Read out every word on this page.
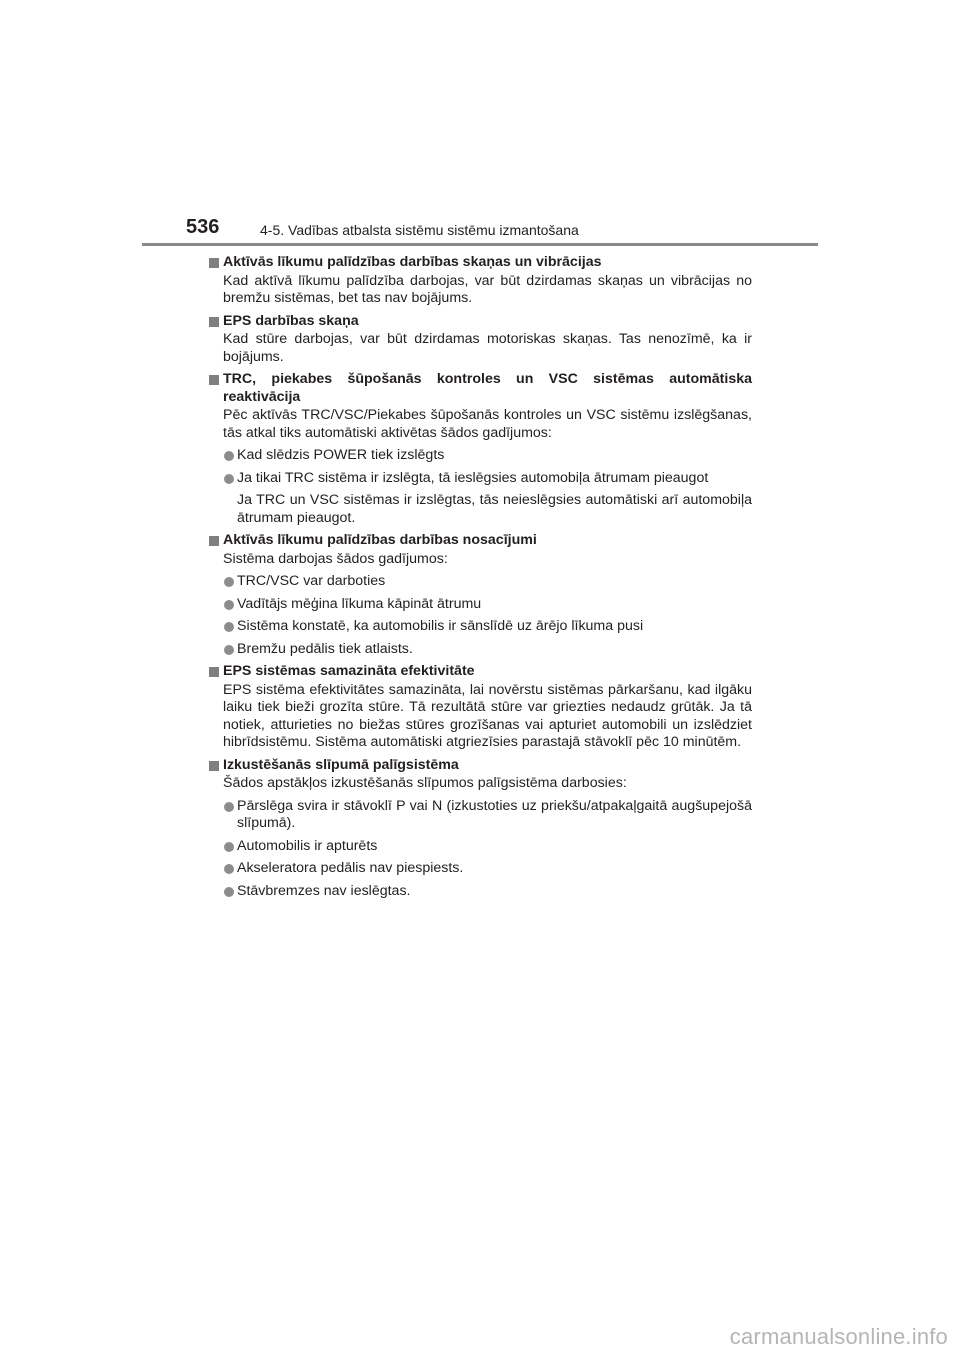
536	4-5. Vadības atbalsta sistēmu sistēmu izmantošana
Aktīvās līkumu palīdzības darbības skaņas un vibrācijas
Kad aktīvā līkumu palīdzība darbojas, var būt dzirdamas skaņas un vibrācijas no bremžu sistēmas, bet tas nav bojājums.
EPS darbības skaņa
Kad stūre darbojas, var būt dzirdamas motoriskas skaņas. Tas nenozīmē, ka ir bojājums.
TRC, piekabes šūpošanās kontroles un VSC sistēmas automātiska reaktivācija
Pēc aktīvās TRC/VSC/Piekabes šūpošanās kontroles un VSC sistēmu izslēgšanas, tās atkal tiks automātiski aktivētas šādos gadījumos:
Kad slēdzis POWER tiek izslēgts
Ja tikai TRC sistēma ir izslēgta, tā ieslēgsies automobiļa ātrumam pieaugot
Ja TRC un VSC sistēmas ir izslēgtas, tās neieslēgsies automātiski arī automobiļa ātrumam pieaugot.
Aktīvās līkumu palīdzības darbības nosacījumi
Sistēma darbojas šādos gadījumos:
TRC/VSC var darboties
Vadītājs mēģina līkuma kāpināt ātrumu
Sistēma konstatē, ka automobilis ir sānslīdē uz ārējo līkuma pusi
Bremžu pedālis tiek atlaists.
EPS sistēmas samazināta efektivitāte
EPS sistēma efektivitātes samazināta, lai novērstu sistēmas pārkaršanu, kad ilgāku laiku tiek bieži grozīta stūre. Tā rezultātā stūre var griezties nedaudz grūtāk. Ja tā notiek, atturieties no biežas stūres grozīšanas vai apturiet automobili un izslēdziet hibrīdsistēmu. Sistēma automātiski atgriezīsies parastajā stāvoklī pēc 10 minūtēm.
Izkustēšanās slīpumā palīgsistēma
Šādos apstākļos izkustēšanās slīpumos palīgsistēma darbosies:
Pārslēga svira ir stāvoklī P vai N (izkustoties uz priekšu/atpakaļgaitā augšupejošā slīpumā).
Automobilis ir apturēts
Akseleratora pedālis nav piespiests.
Stāvbremzes nav ieslēgtas.
carmanualsonline.info
